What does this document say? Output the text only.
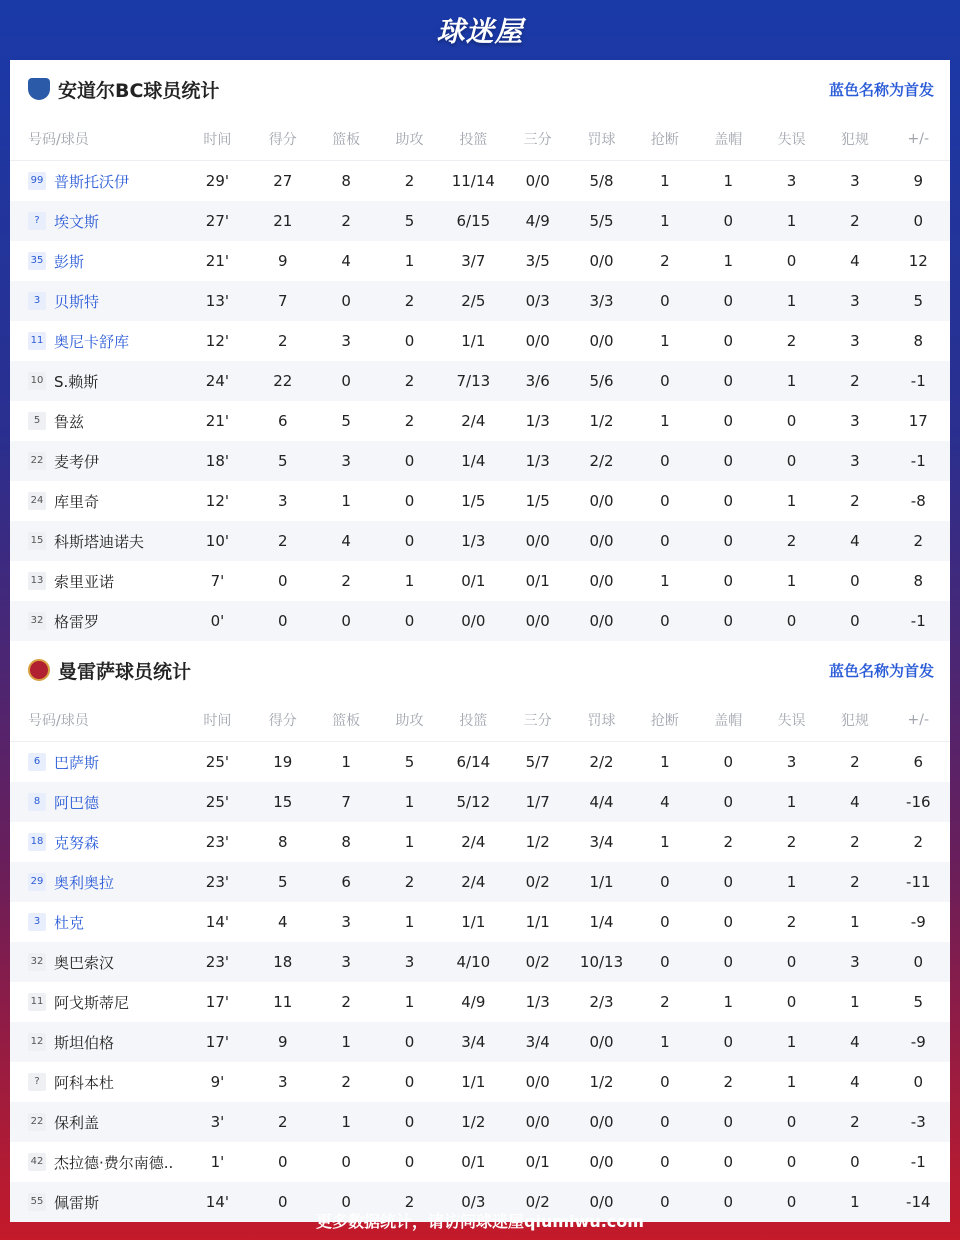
球迷屋
安道尔BC球员统计	蓝色名称为首发
号码/球员	时间	得分	篮板	助攻	投篮	三分	罚球	抢断	盖帽	失误	犯规	+/-
99 普斯托沃伊	29'	27	8	2	11/14	0/0	5/8	1	1	3	3	9
? 埃文斯	27'	21	2	5	6/15	4/9	5/5	1	0	1	2	0
35 彭斯	21'	9	4	1	3/7	3/5	0/0	2	1	0	4	12
3 贝斯特	13'	7	0	2	2/5	0/3	3/3	0	0	1	3	5
11 奥尼卡舒库	12'	2	3	0	1/1	0/0	0/0	1	0	2	3	8
10 S.赖斯	24'	22	0	2	7/13	3/6	5/6	0	0	1	2	-1
5 鲁兹	21'	6	5	2	2/4	1/3	1/2	1	0	0	3	17
22 麦考伊	18'	5	3	0	1/4	1/3	2/2	0	0	0	3	-1
24 库里奇	12'	3	1	0	1/5	1/5	0/0	0	0	1	2	-8
15 科斯塔迪诺夫	10'	2	4	0	1/3	0/0	0/0	0	0	2	4	2
13 索里亚诺	7'	0	2	1	0/1	0/1	0/0	1	0	1	0	8
32 格雷罗	0'	0	0	0	0/0	0/0	0/0	0	0	0	0	-1
曼雷萨球员统计	蓝色名称为首发
号码/球员	时间	得分	篮板	助攻	投篮	三分	罚球	抢断	盖帽	失误	犯规	+/-
6 巴萨斯	25'	19	1	5	6/14	5/7	2/2	1	0	3	2	6
8 阿巴德	25'	15	7	1	5/12	1/7	4/4	4	0	1	4	-16
18 克努森	23'	8	8	1	2/4	1/2	3/4	1	2	2	2	2
29 奥利奥拉	23'	5	6	2	2/4	0/2	1/1	0	0	1	2	-11
3 杜克	14'	4	3	1	1/1	1/1	1/4	0	0	2	1	-9
32 奥巴索汉	23'	18	3	3	4/10	0/2	10/13	0	0	0	3	0
11 阿戈斯蒂尼	17'	11	2	1	4/9	1/3	2/3	2	1	0	1	5
12 斯坦伯格	17'	9	1	0	3/4	3/4	0/0	1	0	1	4	-9
? 阿科本杜	9'	3	2	0	1/1	0/0	1/2	0	2	1	4	0
22 保利盖	3'	2	1	0	1/2	0/0	0/0	0	0	0	2	-3
42 杰拉德·费尔南德..	1'	0	0	0	0/1	0/1	0/0	0	0	0	0	-1
55 佩雷斯	14'	0	0	2	0/3	0/2	0/0	0	0	0	1	-14
更多数据统计，请访问球迷屋qiumiwu.com
